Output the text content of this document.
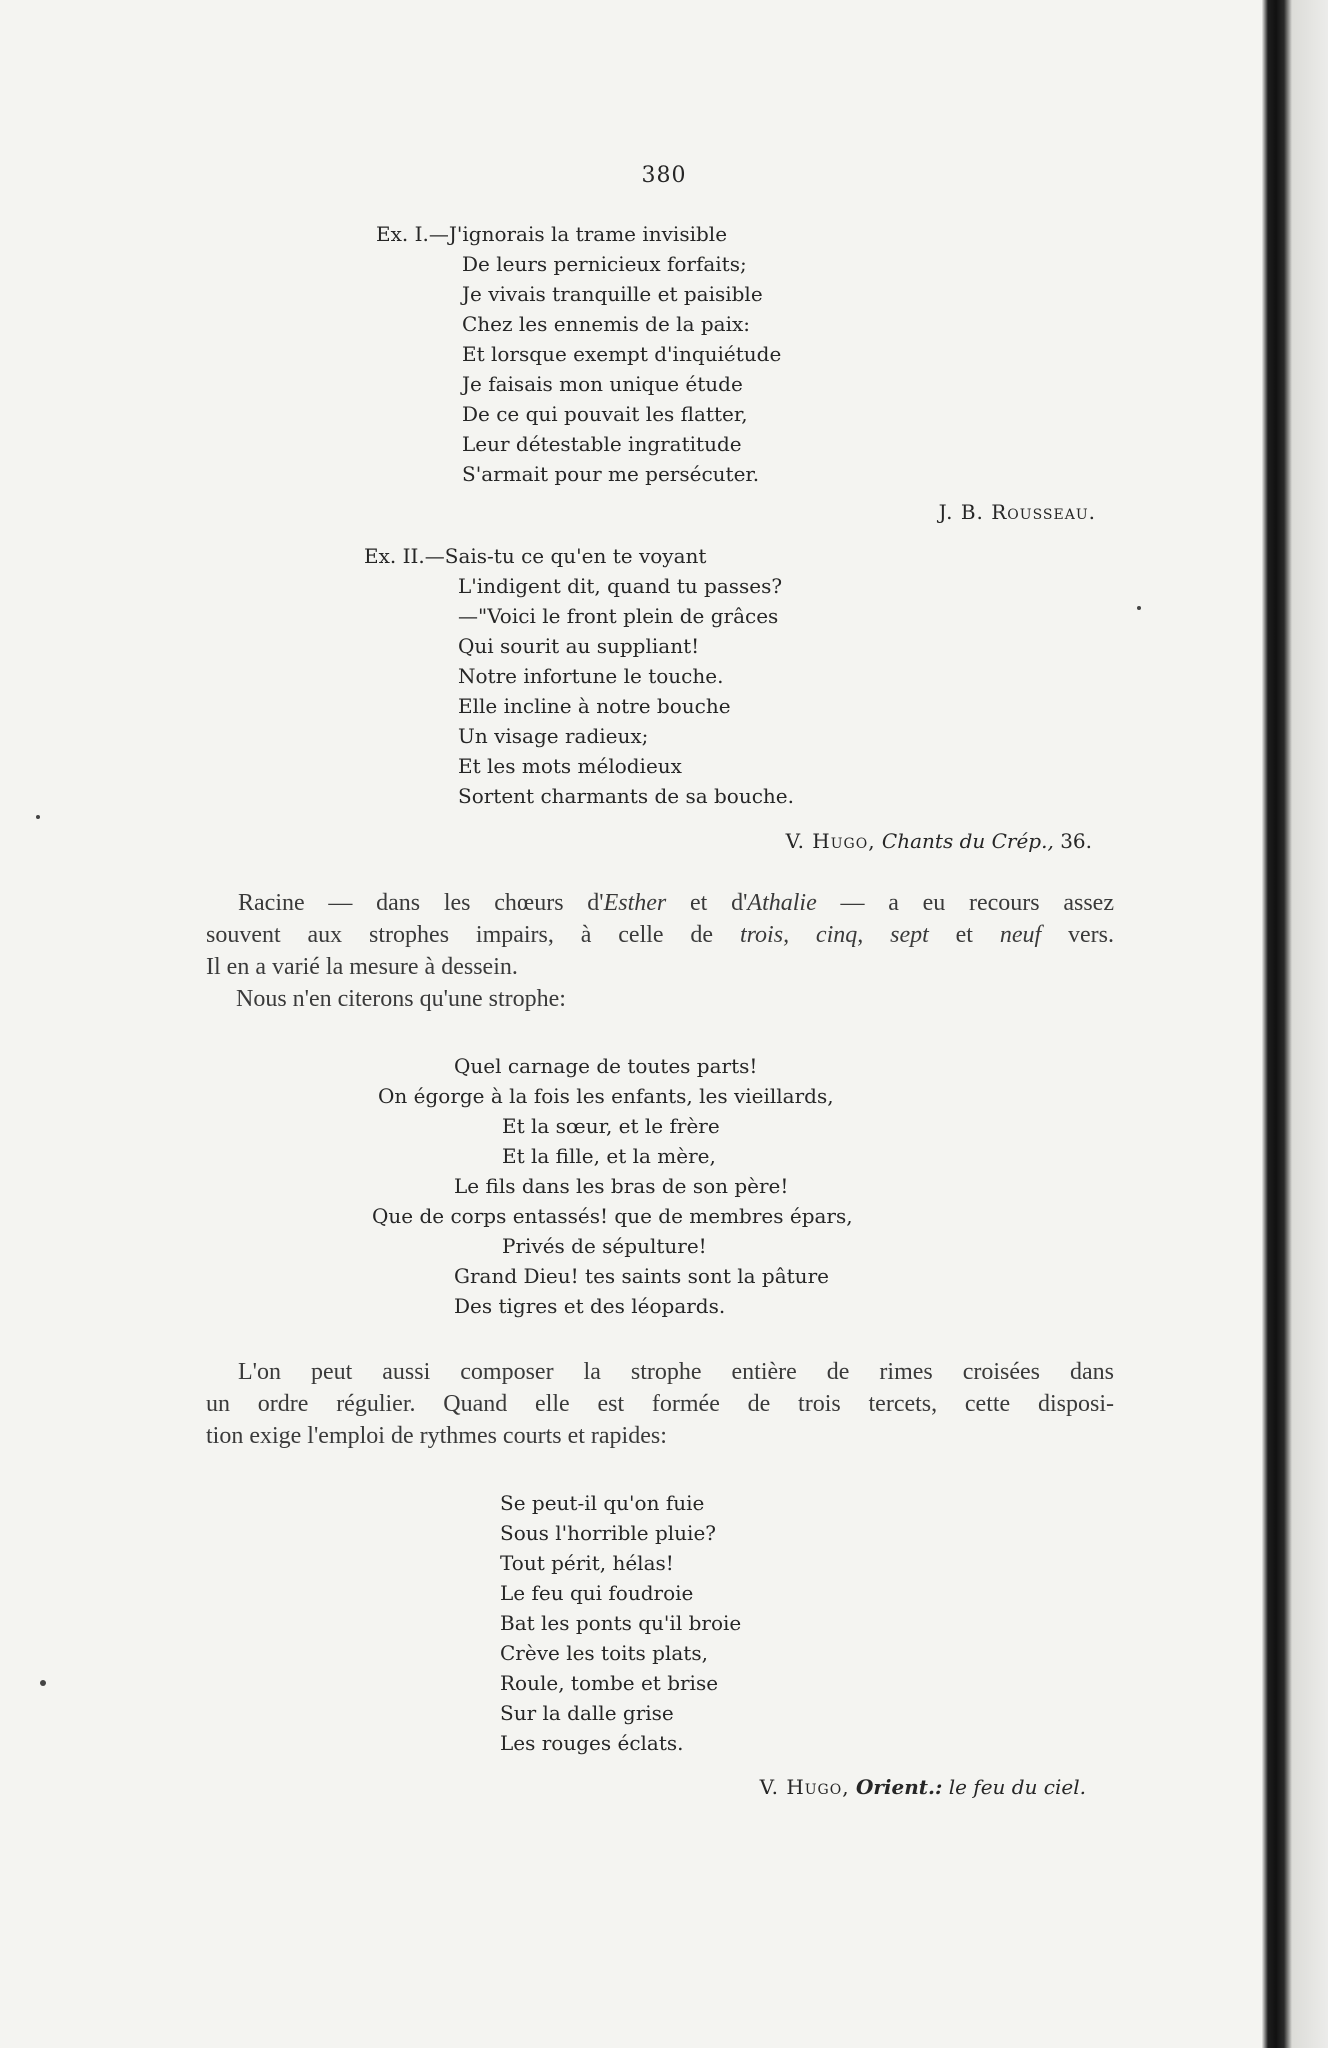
380
Ex. I.—J'ignorais la trame invisible
De leurs pernicieux forfaits;
Je vivais tranquille et paisible
Chez les ennemis de la paix:
Et lorsque exempt d'inquiétude
Je faisais mon unique étude
De ce qui pouvait les flatter,
Leur détestable ingratitude
S'armait pour me persécuter.
J. B. Rousseau.
Ex. II.—Sais-tu ce qu'en te voyant
L'indigent dit, quand tu passes?
—"Voici le front plein de grâces
Qui sourit au suppliant!
Notre infortune le touche.
Elle incline à notre bouche
Un visage radieux;
Et les mots mélodieux
Sortent charmants de sa bouche.
V. Hugo, Chants du Crép., 36.
Racine — dans les chœurs d'Esther et d'Athalie — a eu recours assez
souvent aux strophes impairs, à celle de trois, cinq, sept et neuf vers.
Il en a varié la mesure à dessein.
Nous n'en citerons qu'une strophe:
Quel carnage de toutes parts!
On égorge à la fois les enfants, les vieillards,
Et la sœur, et le frère
Et la fille, et la mère,
Le fils dans les bras de son père!
Que de corps entassés! que de membres épars,
Privés de sépulture!
Grand Dieu! tes saints sont la pâture
Des tigres et des léopards.
L'on peut aussi composer la strophe entière de rimes croisées dans
un ordre régulier. Quand elle est formée de trois tercets, cette disposi-
tion exige l'emploi de rythmes courts et rapides:
Se peut-il qu'on fuie
Sous l'horrible pluie?
Tout périt, hélas!
Le feu qui foudroie
Bat les ponts qu'il broie
Crève les toits plats,
Roule, tombe et brise
Sur la dalle grise
Les rouges éclats.
V. Hugo, Orient.: le feu du ciel.
